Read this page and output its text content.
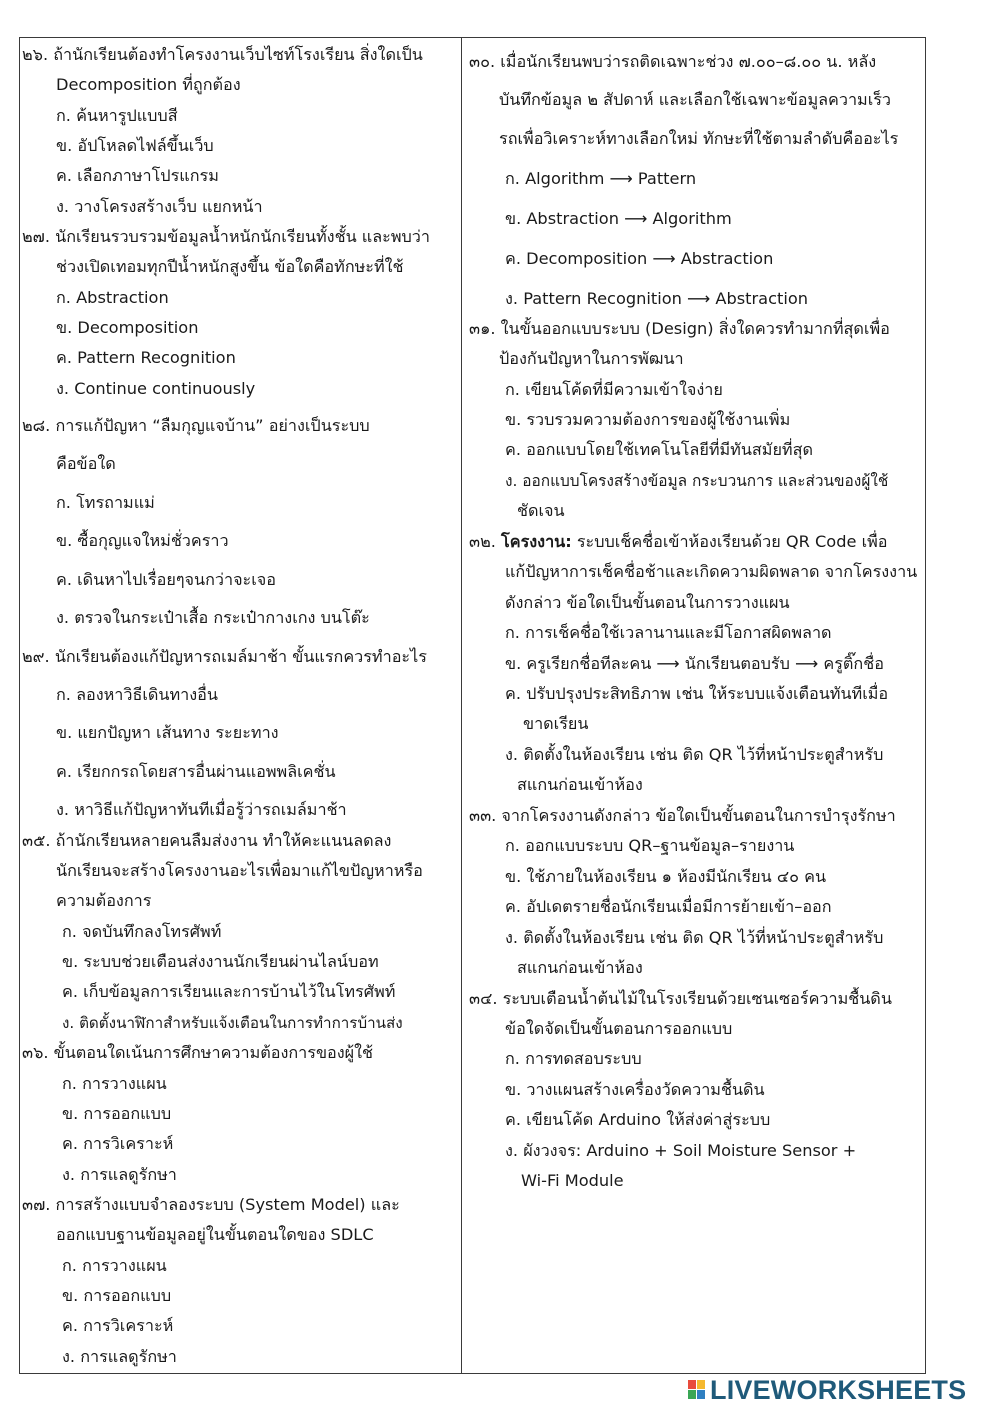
๒๖. ถ้านักเรียนต้องทำโครงงานเว็บไซท์โรงเรียน สิ่งใดเป็น
Decomposition ที่ถูกต้อง
ก. ค้นหารูปแบบสี
ข. อัปโหลดไฟล์ขึ้นเว็บ
ค. เลือกภาษาโปรแกรม
ง. วางโครงสร้างเว็บ แยกหน้า
๒๗. นักเรียนรวบรวมข้อมูลน้ำหนักนักเรียนทั้งชั้น และพบว่า
ช่วงเปิดเทอมทุกปีน้ำหนักสูงขึ้น ข้อใดคือทักษะที่ใช้
ก. Abstraction
ข. Decomposition
ค. Pattern Recognition
ง. Continue continuously
๒๘. การแก้ปัญหา “ลืมกุญแจบ้าน” อย่างเป็นระบบ
คือข้อใด
ก. โทรถามแม่
ข. ซื้อกุญแจใหม่ชั่วคราว
ค. เดินหาไปเรื่อยๆจนกว่าจะเจอ
ง. ตรวจในกระเป๋าเสื้อ กระเป๋ากางเกง บนโต๊ะ
๒๙. นักเรียนต้องแก้ปัญหารถเมล์มาช้า ขั้นแรกควรทำอะไร
ก. ลองหาวิธีเดินทางอื่น
ข. แยกปัญหา เส้นทาง ระยะทาง
ค. เรียกกรถโดยสารอื่นผ่านแอพพลิเคชั่น
ง. หาวิธีแก้ปัญหาทันทีเมื่อรู้ว่ารถเมล์มาช้า
๓๕. ถ้านักเรียนหลายคนลืมส่งงาน ทำให้คะแนนลดลง
นักเรียนจะสร้างโครงงานอะไรเพื่อมาแก้ไขปัญหาหรือ
ความต้องการ
ก. จดบันทึกลงโทรศัพท์
ข. ระบบช่วยเตือนส่งงานนักเรียนผ่านไลน์บอท
ค. เก็บข้อมูลการเรียนและการบ้านไว้ในโทรศัพท์
ง. ติดตั้งนาฬิกาสำหรับแจ้งเตือนในการทำการบ้านส่ง
๓๖. ขั้นตอนใดเน้นการศึกษาความต้องการของผู้ใช้
ก. การวางแผน
ข. การออกแบบ
ค. การวิเคราะห์
ง. การแลดูรักษา
๓๗. การสร้างแบบจำลองระบบ (System Model) และ
ออกแบบฐานข้อมูลอยู่ในขั้นตอนใดของ SDLC
ก. การวางแผน
ข. การออกแบบ
ค. การวิเคราะห์
ง. การแลดูรักษา
๓๐. เมื่อนักเรียนพบว่ารถติดเฉพาะช่วง ๗.๐๐–๘.๐๐ น. หลัง
บันทึกข้อมูล ๒ สัปดาห์ และเลือกใช้เฉพาะข้อมูลความเร็ว
รถเพื่อวิเคราะห์ทางเลือกใหม่ ทักษะที่ใช้ตามลำดับคืออะไร
ก. Algorithm ⟶ Pattern
ข. Abstraction ⟶ Algorithm
ค. Decomposition ⟶ Abstraction
ง. Pattern Recognition ⟶ Abstraction
๓๑. ในขั้นออกแบบระบบ (Design) สิ่งใดควรทำมากที่สุดเพื่อ
ป้องกันปัญหาในการพัฒนา
ก. เขียนโค้ดที่มีความเข้าใจง่าย
ข. รวบรวมความต้องการของผู้ใช้งานเพิ่ม
ค. ออกแบบโดยใช้เทคโนโลยีที่มีทันสมัยที่สุด
ง. ออกแบบโครงสร้างข้อมูล กระบวนการ และส่วนของผู้ใช้
ชัดเจน
๓๒. โครงงาน: ระบบเช็คชื่อเข้าห้องเรียนด้วย QR Code เพื่อ
แก้ปัญหาการเช็คชื่อช้าและเกิดความผิดพลาด จากโครงงาน
ดังกล่าว ข้อใดเป็นขั้นตอนในการวางแผน
ก. การเช็คชื่อใช้เวลานานและมีโอกาสผิดพลาด
ข. ครูเรียกชื่อทีละคน ⟶ นักเรียนตอบรับ ⟶ ครูติ๊กชื่อ
ค. ปรับปรุงประสิทธิภาพ เช่น ให้ระบบแจ้งเตือนทันทีเมื่อ
ขาดเรียน
ง. ติดตั้งในห้องเรียน เช่น ติด QR ไว้ที่หน้าประตูสำหรับ
สแกนก่อนเข้าห้อง
๓๓. จากโครงงานดังกล่าว ข้อใดเป็นขั้นตอนในการบำรุงรักษา
ก. ออกแบบระบบ QR–ฐานข้อมูล–รายงาน
ข. ใช้ภายในห้องเรียน ๑ ห้องมีนักเรียน ๔๐ คน
ค. อัปเดตรายชื่อนักเรียนเมื่อมีการย้ายเข้า–ออก
ง. ติดตั้งในห้องเรียน เช่น ติด QR ไว้ที่หน้าประตูสำหรับ
สแกนก่อนเข้าห้อง
๓๔. ระบบเตือนน้ำต้นไม้ในโรงเรียนด้วยเซนเซอร์ความชื้นดิน
ข้อใดจัดเป็นขั้นตอนการออกแบบ
ก. การทดสอบระบบ
ข. วางแผนสร้างเครื่องวัดความชื้นดิน
ค. เขียนโค้ด Arduino ให้ส่งค่าสู่ระบบ
ง. ผังวงจร: Arduino + Soil Moisture Sensor +
Wi-Fi Module
LIVEWORKSHEETS
